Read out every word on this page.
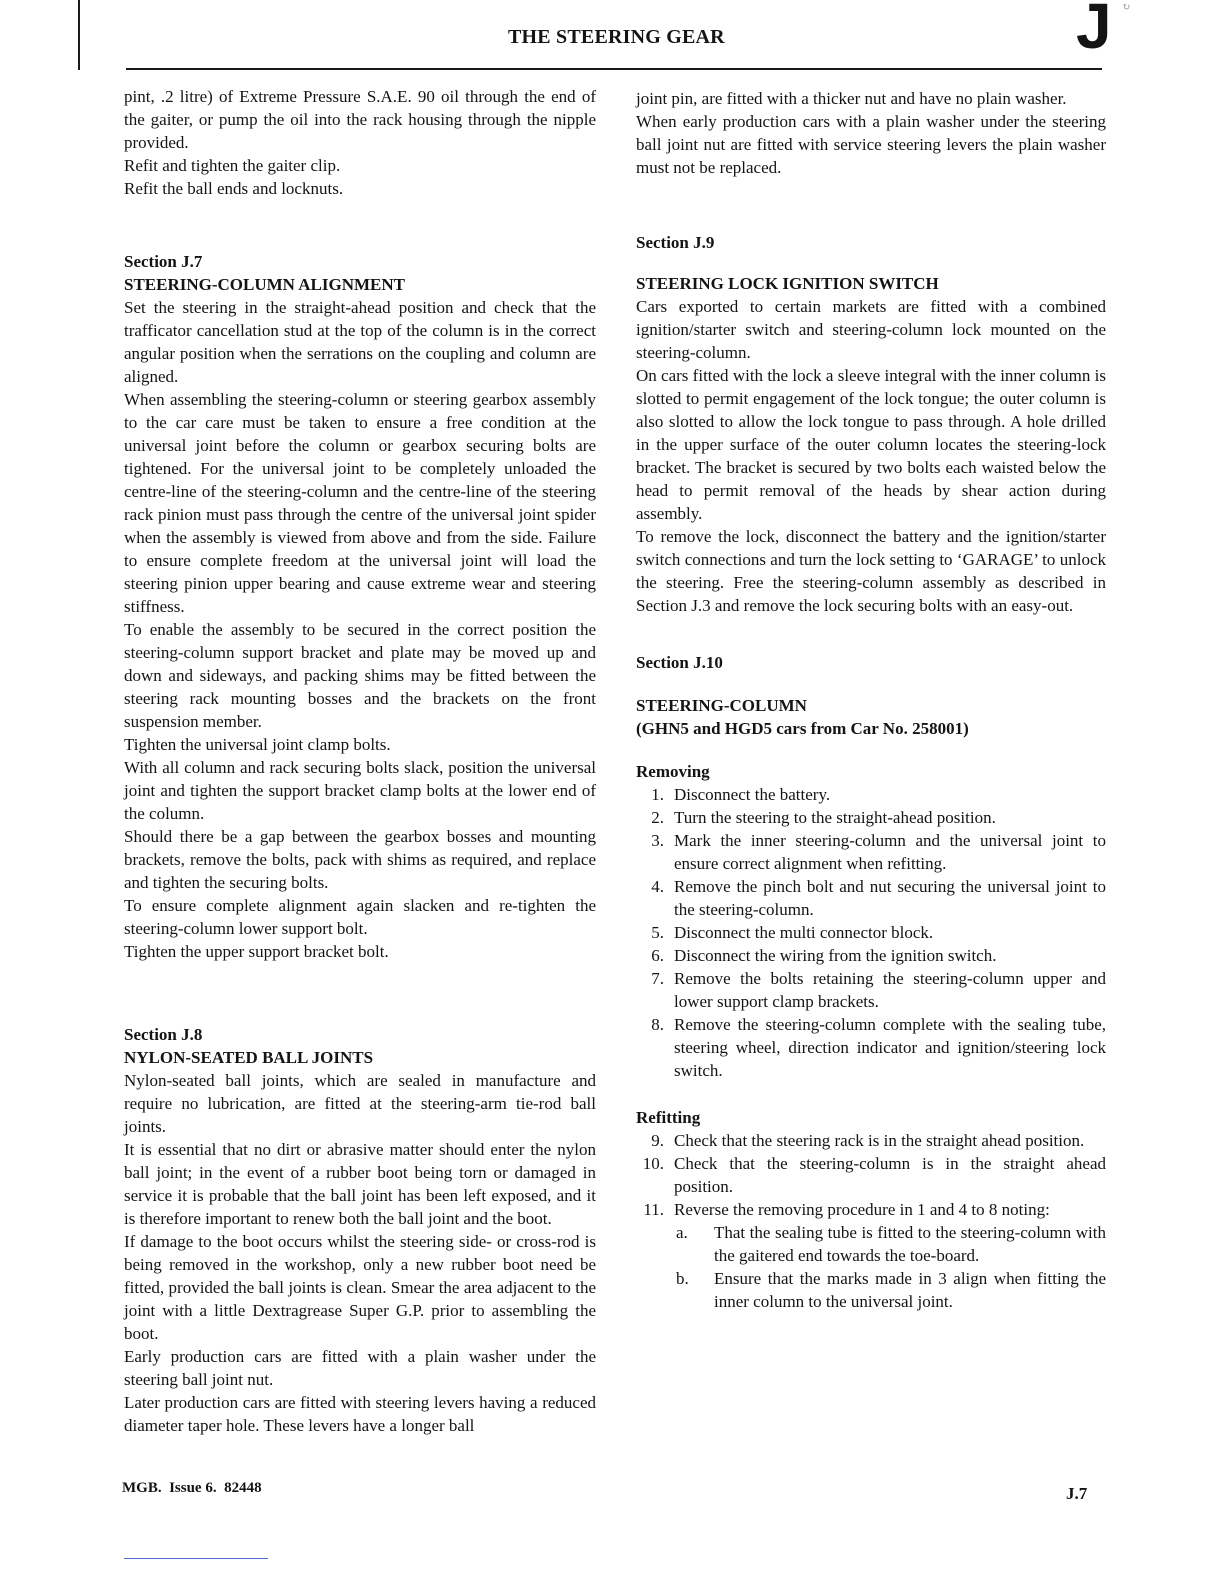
THE STEERING GEAR	J ↻

pint, .2 litre) of Extreme Pressure S.A.E. 90 oil through the end of the gaiter, or pump the oil into the rack housing through the nipple provided.

Refit and tighten the gaiter clip.

Refit the ball ends and locknuts.

Section J.7

STEERING-COLUMN ALIGNMENT

Set the steering in the straight-ahead position and check that the trafficator cancellation stud at the top of the column is in the correct angular position when the serrations on the coupling and column are aligned.

When assembling the steering-column or steering gearbox assembly to the car care must be taken to ensure a free condition at the universal joint before the column or gearbox securing bolts are tightened. For the universal joint to be completely unloaded the centre-line of the steering-column and the centre-line of the steering rack pinion must pass through the centre of the universal joint spider when the assembly is viewed from above and from the side. Failure to ensure complete freedom at the universal joint will load the steering pinion upper bearing and cause extreme wear and steering stiffness.

To enable the assembly to be secured in the correct position the steering-column support bracket and plate may be moved up and down and sideways, and packing shims may be fitted between the steering rack mounting bosses and the brackets on the front suspension member.

Tighten the universal joint clamp bolts.

With all column and rack securing bolts slack, position the universal joint and tighten the support bracket clamp bolts at the lower end of the column.

Should there be a gap between the gearbox bosses and mounting brackets, remove the bolts, pack with shims as required, and replace and tighten the securing bolts.

To ensure complete alignment again slacken and re-tighten the steering-column lower support bolt.

Tighten the upper support bracket bolt.

Section J.8

NYLON-SEATED BALL JOINTS

Nylon-seated ball joints, which are sealed in manufacture and require no lubrication, are fitted at the steering-arm tie-rod ball joints.

It is essential that no dirt or abrasive matter should enter the nylon ball joint; in the event of a rubber boot being torn or damaged in service it is probable that the ball joint has been left exposed, and it is therefore important to renew both the ball joint and the boot.

If damage to the boot occurs whilst the steering side- or cross-rod is being removed in the workshop, only a new rubber boot need be fitted, provided the ball joints is clean. Smear the area adjacent to the joint with a little Dextragrease Super G.P. prior to assembling the boot.

Early production cars are fitted with a plain washer under the steering ball joint nut.

Later production cars are fitted with steering levers having a reduced diameter taper hole. These levers have a longer ball

joint pin, are fitted with a thicker nut and have no plain washer.

When early production cars with a plain washer under the steering ball joint nut are fitted with service steering levers the plain washer must not be replaced.

Section J.9

STEERING LOCK IGNITION SWITCH

Cars exported to certain markets are fitted with a combined ignition/starter switch and steering-column lock mounted on the steering-column.

On cars fitted with the lock a sleeve integral with the inner column is slotted to permit engagement of the lock tongue; the outer column is also slotted to allow the lock tongue to pass through. A hole drilled in the upper surface of the outer column locates the steering-lock bracket. The bracket is secured by two bolts each waisted below the head to permit removal of the heads by shear action during assembly.

To remove the lock, disconnect the battery and the ignition/starter switch connections and turn the lock setting to ‘GARAGE’ to unlock the steering. Free the steering-column assembly as described in Section J.3 and remove the lock securing bolts with an easy-out.

Section J.10

STEERING-COLUMN

(GHN5 and HGD5 cars from Car No. 258001)

Removing

1. Disconnect the battery.
2. Turn the steering to the straight-ahead position.
3. Mark the inner steering-column and the universal joint to ensure correct alignment when refitting.
4. Remove the pinch bolt and nut securing the universal joint to the steering-column.
5. Disconnect the multi connector block.
6. Disconnect the wiring from the ignition switch.
7. Remove the bolts retaining the steering-column upper and lower support clamp brackets.
8. Remove the steering-column complete with the sealing tube, steering wheel, direction indicator and ignition/steering lock switch.

Refitting

9. Check that the steering rack is in the straight ahead position.
10. Check that the steering-column is in the straight ahead position.
11. Reverse the removing procedure in 1 and 4 to 8 noting:
a.	That the sealing tube is fitted to the steering-column with the gaitered end towards the toe-board.
b.	Ensure that the marks made in 3 align when fitting the inner column to the universal joint.
MGB.  Issue 6.  82448	J.7
